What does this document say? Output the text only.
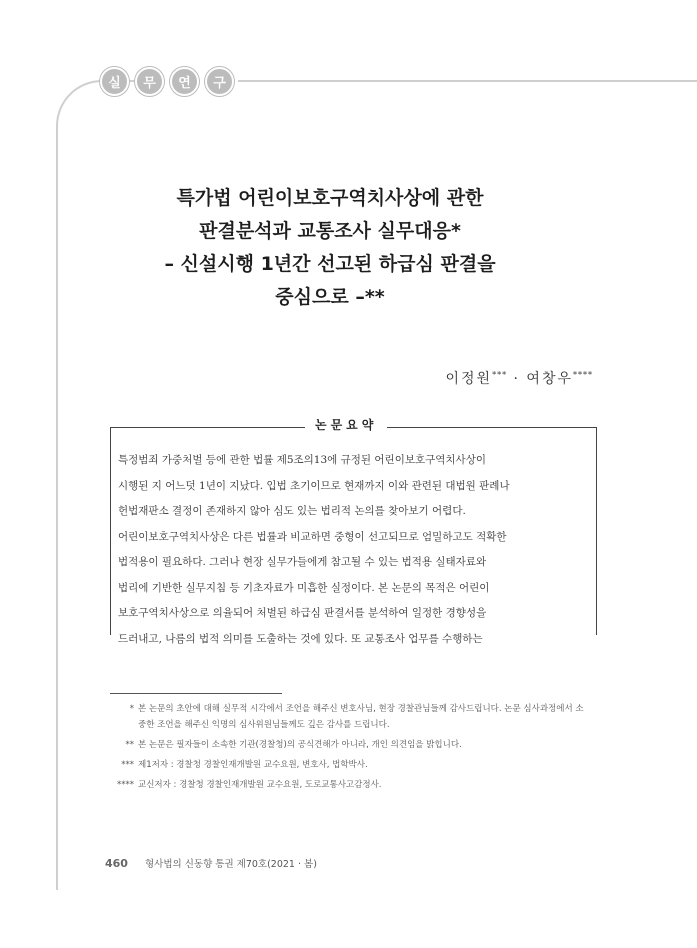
실	무	연	구
특가법 어린이보호구역치사상에 관한
판결분석과 교통조사 실무대응*
– 신설시행 1년간 선고된 하급심 판결을
중심으로 –**
이정원*** · 여창우****
논문요약
특정범죄 가중처벌 등에 관한 법률 제5조의13에 규정된 어린이보호구역치사상이
시행된 지 어느덧 1년이 지났다. 입법 초기이므로 현재까지 이와 관련된 대법원 판례나
헌법재판소 결정이 존재하지 않아 심도 있는 법리적 논의를 찾아보기 어렵다.
어린이보호구역치사상은 다른 법률과 비교하면 중형이 선고되므로 엄밀하고도 적확한
법적용이 필요하다. 그러나 현장 실무가들에게 참고될 수 있는 법적용 실태자료와
법리에 기반한 실무지침 등 기초자료가 미흡한 실정이다. 본 논문의 목적은 어린이
보호구역치사상으로 의율되어 처벌된 하급심 판결서를 분석하여 일정한 경향성을
드러내고, 나름의 법적 의미를 도출하는 것에 있다. 또 교통조사 업무를 수행하는
* 본 논문의 초안에 대해 실무적 시각에서 조언을 해주신 변호사님, 현장 경찰관님들께 감사드립니다. 논문 심사과정에서 소중한 조언을 해주신 익명의 심사위원님들께도 깊은 감사를 드립니다.
** 본 논문은 필자들이 소속한 기관(경찰청)의 공식견해가 아니라, 개인 의견임을 밝힙니다.
*** 제1저자 : 경찰청 경찰인재개발원 교수요원, 변호사, 법학박사.
**** 교신저자 : 경찰청 경찰인재개발원 교수요원, 도로교통사고감정사.
460 형사법의 신동향 통권 제70호(2021 · 봄)
